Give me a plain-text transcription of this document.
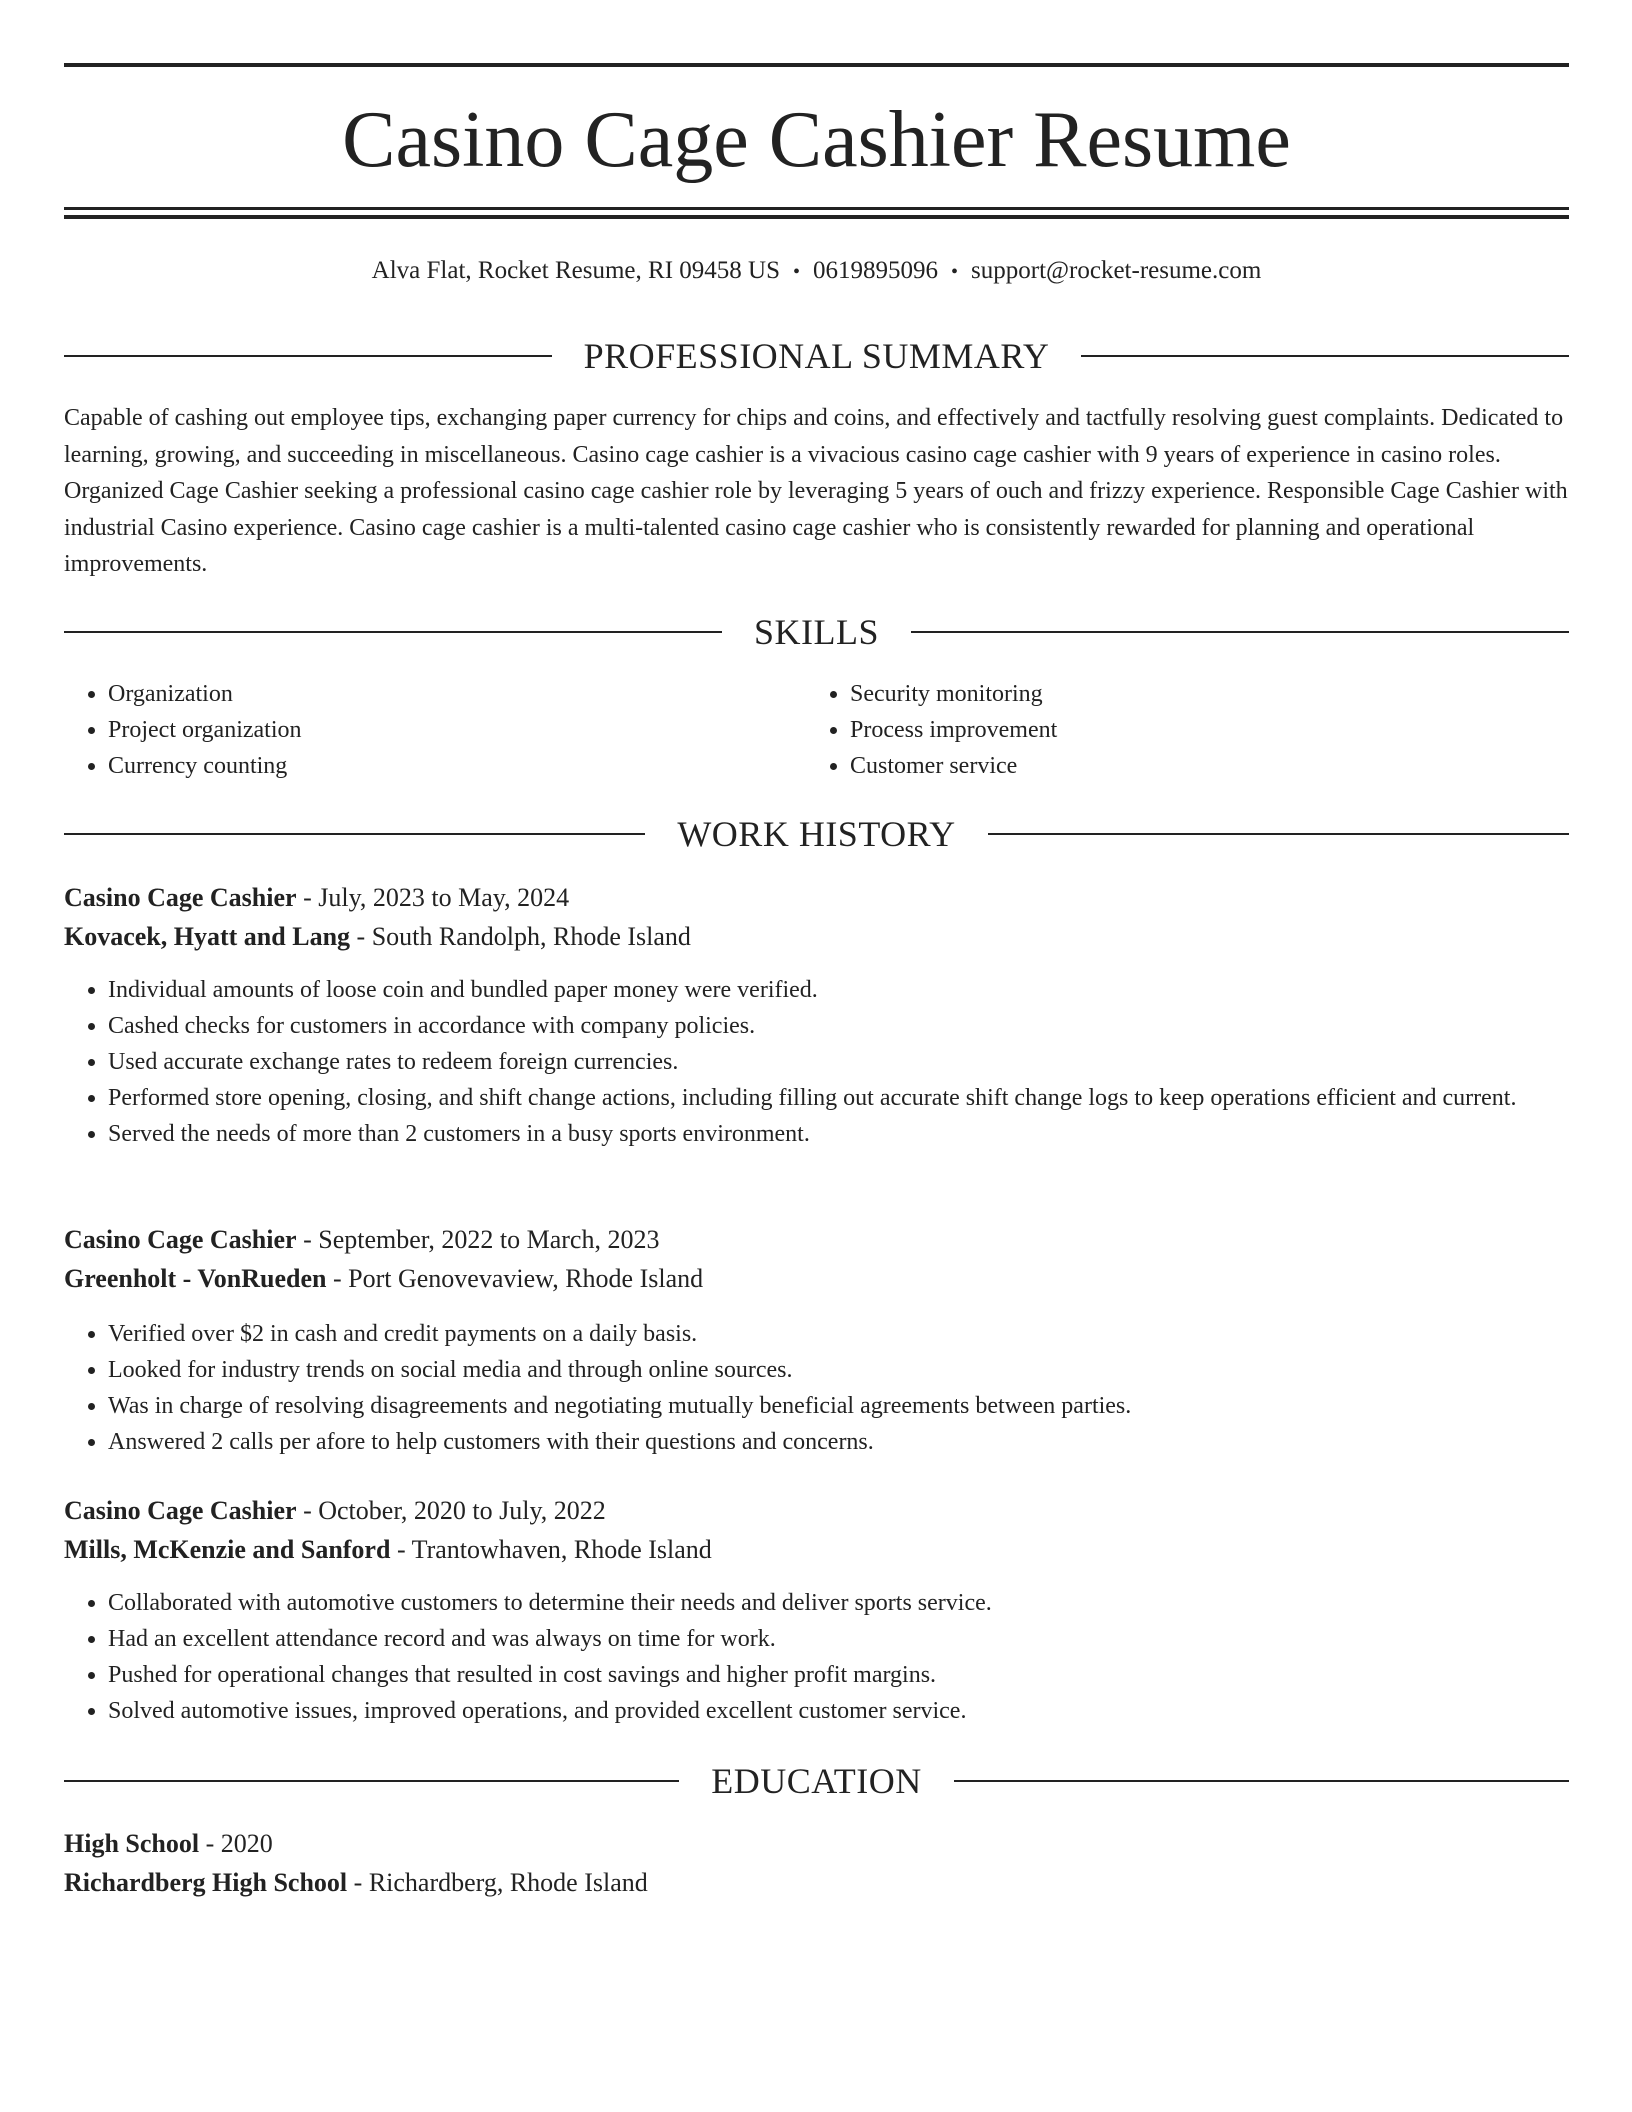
Casino Cage Cashier Resume
Alva Flat, Rocket Resume, RI 09458 US • 0619895096 • support@rocket-resume.com
PROFESSIONAL SUMMARY
Capable of cashing out employee tips, exchanging paper currency for chips and coins, and effectively and tactfully resolving guest complaints. Dedicated to learning, growing, and succeeding in miscellaneous. Casino cage cashier is a vivacious casino cage cashier with 9 years of experience in casino roles. Organized Cage Cashier seeking a professional casino cage cashier role by leveraging 5 years of ouch and frizzy experience. Responsible Cage Cashier with industrial Casino experience. Casino cage cashier is a multi-talented casino cage cashier who is consistently rewarded for planning and operational improvements.
SKILLS
• Organization
• Project organization
• Currency counting
• Security monitoring
• Process improvement
• Customer service
WORK HISTORY
Casino Cage Cashier - July, 2023 to May, 2024
Kovacek, Hyatt and Lang - South Randolph, Rhode Island
• Individual amounts of loose coin and bundled paper money were verified.
• Cashed checks for customers in accordance with company policies.
• Used accurate exchange rates to redeem foreign currencies.
• Performed store opening, closing, and shift change actions, including filling out accurate shift change logs to keep operations efficient and current.
• Served the needs of more than 2 customers in a busy sports environment.
Casino Cage Cashier - September, 2022 to March, 2023
Greenholt - VonRueden - Port Genovevaview, Rhode Island
• Verified over $2 in cash and credit payments on a daily basis.
• Looked for industry trends on social media and through online sources.
• Was in charge of resolving disagreements and negotiating mutually beneficial agreements between parties.
• Answered 2 calls per afore to help customers with their questions and concerns.
Casino Cage Cashier - October, 2020 to July, 2022
Mills, McKenzie and Sanford - Trantowhaven, Rhode Island
• Collaborated with automotive customers to determine their needs and deliver sports service.
• Had an excellent attendance record and was always on time for work.
• Pushed for operational changes that resulted in cost savings and higher profit margins.
• Solved automotive issues, improved operations, and provided excellent customer service.
EDUCATION
High School - 2020
Richardberg High School - Richardberg, Rhode Island
